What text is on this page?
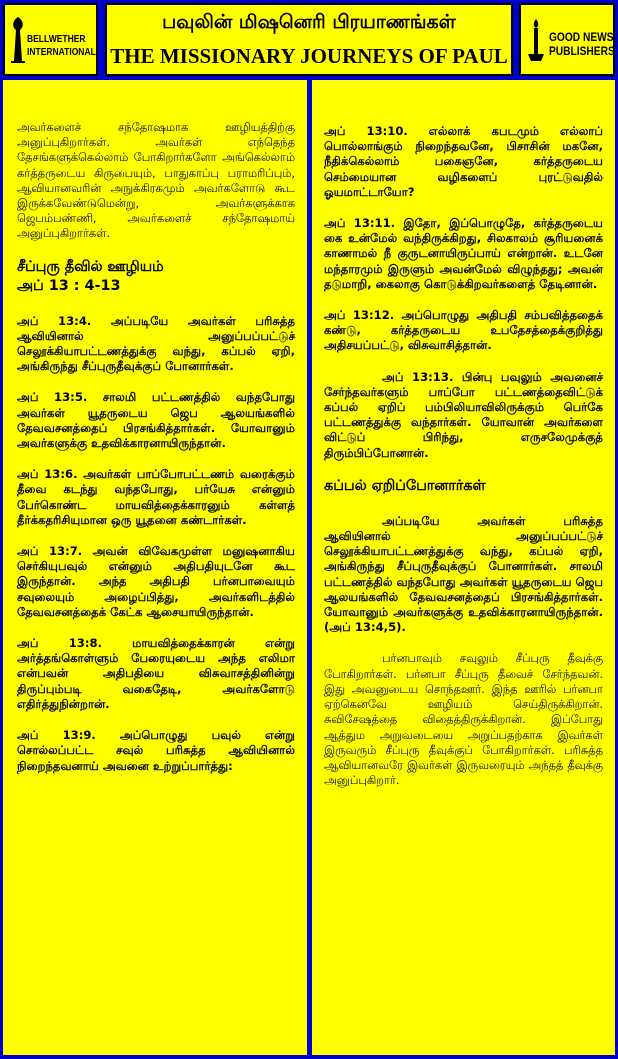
BELLWETHER
INTERNATIONAL
பவுலின் மிஷனெரி பிரயாணங்கள்
THE MISSIONARY JOURNEYS OF PAUL
GOOD NEWS
PUBLISHERS

அவர்களைச் சந்தோஷமாக ஊழியத்திற்கு அனுப்புகிறார்கள். அவர்கள் எந்தெந்த தேசங்களுக்கெல்லாம் போகிறார்களோ அங்கெல்லாம் கர்த்தருடைய கிருபையும், பாதுகாப்பு பராமரிப்பும், ஆவியானவரின் அநுக்கிரகமும் அவர்களோடு கூட இருக்கவேண்டுமென்று, அவர்களுக்காக ஜெபம்பண்ணி, அவர்களைச் சந்தோஷமாய் அனுப்புகிறார்கள்.

சீப்புரு தீவில் ஊழியம்
அப் 13 : 4-13

அப் 13:4. அப்படியே அவர்கள் பரிசுத்த ஆவியினால் அனுப்பப்பட்டுச் செலூக்கியாபட்டணத்துக்கு வந்து, கப்பல் ஏறி, அங்கிருந்து சீப்புருதீவுக்குப் போனார்கள்.

அப் 13:5. சாலமி பட்டணத்தில் வந்தபோது அவர்கள் யூதருடைய ஜெப ஆலயங்களில் தேவவசனத்தைப் பிரசங்கித்தார்கள். யோவானும் அவர்களுக்கு உதவிக்காரனாயிருந்தான்.

அப் 13:6. அவர்கள் பாப்போபட்டணம் வரைக்கும் தீவை கடந்து வந்தபோது, பர்யேசு என்னும் பேர்கொண்ட மாயவித்தைக்காரனும் கள்ளத் தீர்க்கதரிசியுமான ஒரு யூதனை கண்டார்கள்.

அப் 13:7. அவன் விவேகமுள்ள மனுஷனாகிய செர்கியுபவுல் என்னும் அதிபதியுடனே கூட இருந்தான். அந்த அதிபதி பர்னபாவையும் சவுலையும் அழைப்பித்து, அவர்களிடத்தில் தேவவசனத்தைக் கேட்க ஆசையாயிருந்தான்.

அப் 13:8. மாயவித்தைக்காரன் என்று அர்த்தங்கொள்ளும் பேரையுடைய அந்த எலிமா என்பவன் அதிபதியை விசுவாசத்தினின்று திருப்பும்படி வகைதேடி, அவர்களோடு எதிர்த்துநின்றான்.

அப் 13:9. அப்பொழுது பவுல் என்று சொல்லப்பட்ட சவுல் பரிசுத்த ஆவியினால் நிறைந்தவனாய் அவனை உற்றுப்பார்த்து:

அப் 13:10. எல்லாக் கபடமும் எல்லாப் பொல்லாங்கும் நிறைந்தவனே, பிசாசின் மகனே, நீதிக்கெல்லாம் பகைஞனே, கர்த்தருடைய செம்மையான வழிகளைப் புரட்டுவதில் ஓயமாட்டாயோ?

அப் 13:11. இதோ, இப்பொழுதே, கர்த்தருடைய கை உன்மேல் வந்திருக்கிறது, சிலகாலம் சூரியனைக் காணாமல் நீ குருடனாயிருப்பாய் என்றான். உடனே மந்தாரமும் இருளும் அவன்மேல் விழுந்தது; அவன் தடுமாறி, கைலாகு கொடுக்கிறவர்களைத் தேடினான்.

அப் 13:12. அப்பொழுது அதிபதி சம்பவித்ததைக் கண்டு, கர்த்தருடைய உபதேசத்தைக்குறித்து அதிசயப்பட்டு, விசுவாசித்தான்.

அப் 13:13. பின்பு பவுலும் அவனைச் சேர்ந்தவர்களும் பாப்போ பட்டணத்தைவிட்டுக் கப்பல் ஏறிப் பம்பிலியாவிலிருக்கும் பெர்கே பட்டணத்துக்கு வந்தார்கள். யோவான் அவர்களை விட்டுப் பிரிந்து, எருசலேமுக்குத் திரும்பிப்போனான்.

கப்பல் ஏறிப்போனார்கள்

அப்படியே அவர்கள் பரிசுத்த ஆவியினால் அனுப்பப்பட்டுச் செலூக்கியாபட்டணத்துக்கு வந்து, கப்பல் ஏறி, அங்கிருந்து சீப்புருதீவுக்குப் போனார்கள். சாலமி பட்டணத்தில் வந்தபோது அவர்கள் யூதருடைய ஜெப ஆலயங்களில் தேவவசனத்தைப் பிரசங்கித்தார்கள். யோவானும் அவர்களுக்கு உதவிக்காரனாயிருந்தான். (அப் 13:4,5).

பர்னபாவும் சவுலும் சீப்புரு தீவுக்கு போகிறார்கள். பர்னபா சீப்புரு தீவைச் சேர்ந்தவன். இது அவனுடைய சொந்தஊர். இந்த ஊரில் பர்னபா ஏற்கெனவே ஊழியம் செய்திருக்கிறான். சுவிசேஷத்தை விதைத்திருக்கிறான். இப்போது ஆத்தும அறுவடையை அறுப்பதற்காக இவர்கள் இருவரும் சீப்புரு தீவுக்குப் போகிறார்கள். பரிசுத்த ஆவியானவரே இவர்கள் இருவரையும் அந்தத் தீவுக்கு அனுப்புகிறார்.
